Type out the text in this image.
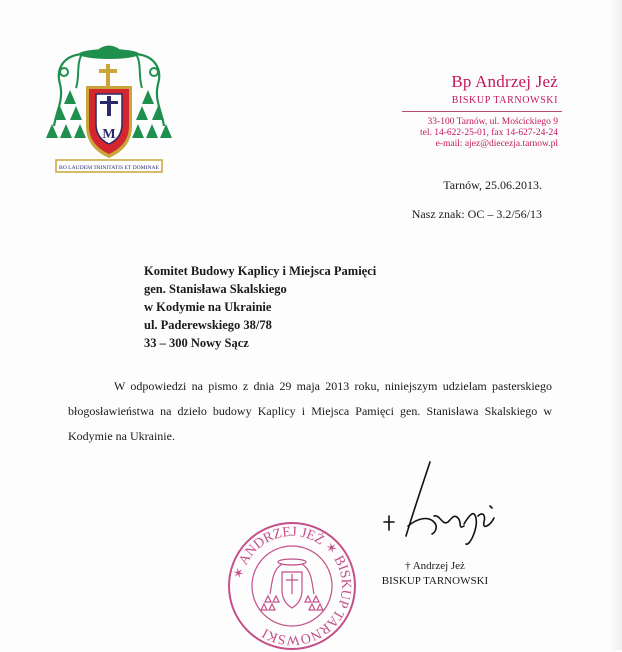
M
BO LAUDEM TRINITATIS ET DOMINAE
Bp Andrzej Jeż
BISKUP TARNOWSKI
33-100 Tarnów, ul. Mościckiego 9
tel. 14-622-25-01, fax 14-627-24-24
e-mail: ajez@diecezja.tarnow.pl
Tarnów, 25.06.2013.
Nasz znak: OC – 3.2/56/13
Komitet Budowy Kaplicy i Miejsca Pamięci
gen. Stanisława Skalskiego
w Kodymie na Ukrainie
ul. Paderewskiego 38/78
33 – 300 Nowy Sącz

W odpowiedzi na pismo z dnia 29 maja 2013 roku, niniejszym udzielam pasterskiego błogosławieństwa na dzieło budowy Kaplicy i Miejsca Pamięci gen. Stanisława Skalskiego w Kodymie na Ukrainie.

† Andrzej Jeż
BISKUP TARNOWSKI
✶ ANDRZEJ JEŻ ✶ BISKUP TARNOWSKI
